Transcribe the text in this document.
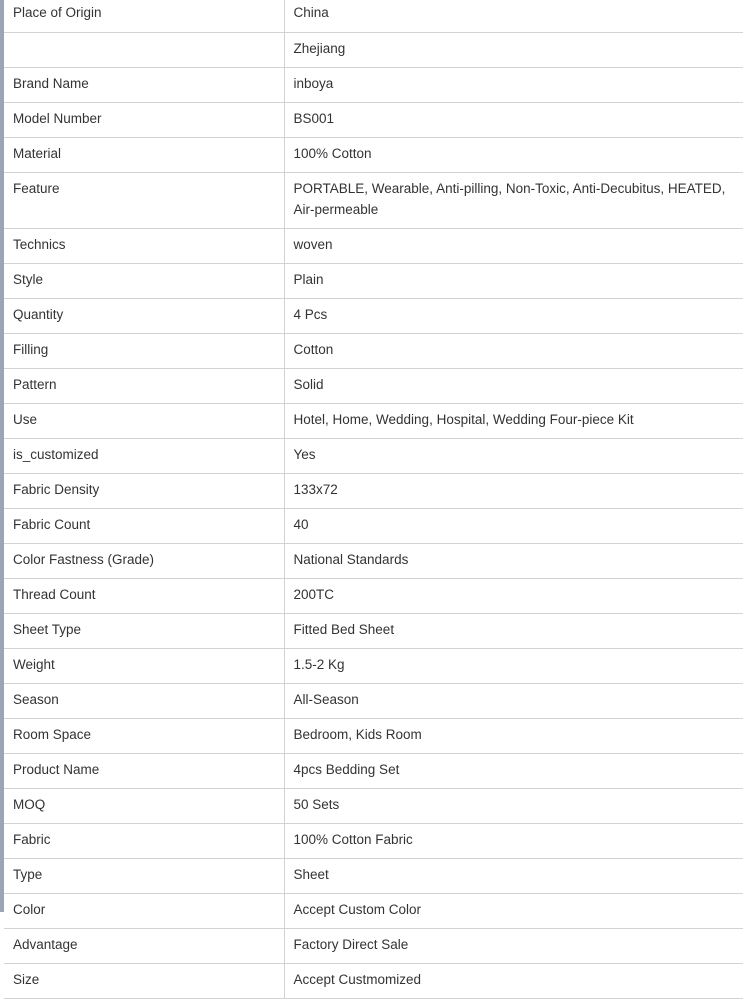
Place of Origin	China
	Zhejiang
Brand Name	inboya
Model Number	BS001
Material	100% Cotton
Feature	PORTABLE, Wearable, Anti-pilling, Non-Toxic, Anti-Decubitus, HEATED, Air-permeable
Technics	woven
Style	Plain
Quantity	4 Pcs
Filling	Cotton
Pattern	Solid
Use	Hotel, Home, Wedding, Hospital, Wedding Four-piece Kit
is_customized	Yes
Fabric Density	133x72
Fabric Count	40
Color Fastness (Grade)	National Standards
Thread Count	200TC
Sheet Type	Fitted Bed Sheet
Weight	1.5-2 Kg
Season	All-Season
Room Space	Bedroom, Kids Room
Product Name	4pcs Bedding Set
MOQ	50 Sets
Fabric	100% Cotton Fabric
Type	Sheet
Color	Accept Custom Color
Advantage	Factory Direct Sale
Size	Accept Custmomized
